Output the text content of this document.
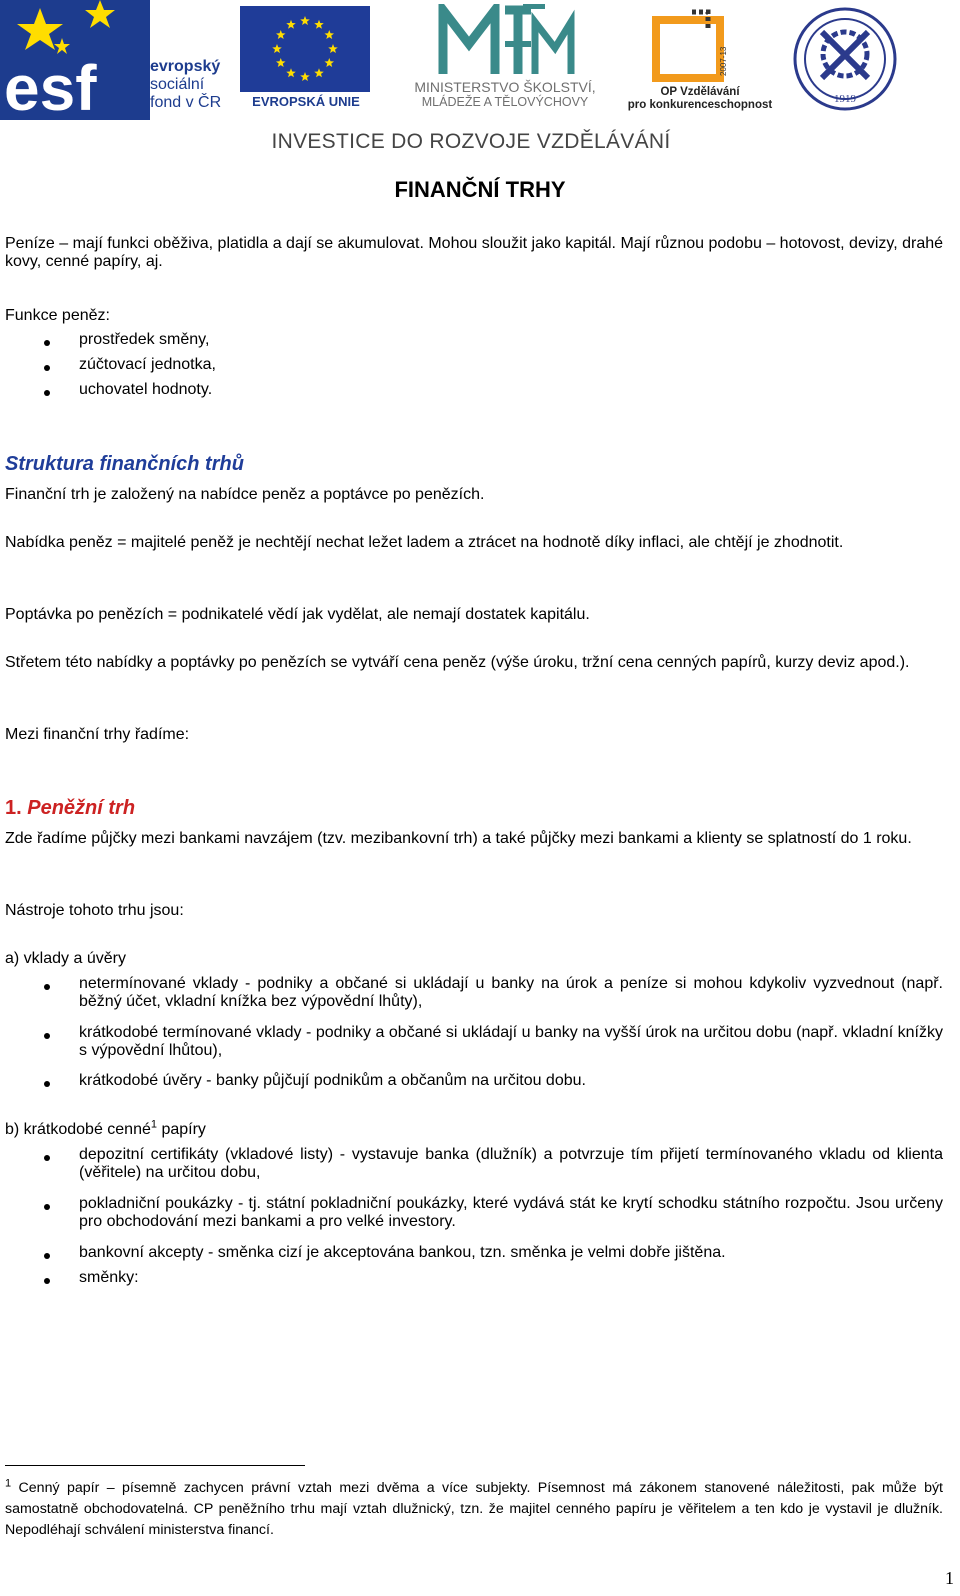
esf	evropský
sociální
fond v ČR	EVROPSKÁ UNIE
MINISTERSTVO ŠKOLSTVÍ,
MLÁDEŽE A TĚLOVÝCHOVY
2007-13
OP Vzdělávání
pro konkurenceschopnost	1919
INVESTICE DO ROZVOJE VZDĚLÁVÁNÍ
FINANČNÍ TRHY
Peníze – mají funkci oběživa, platidla a dají se akumulovat. Mohou sloužit jako kapitál. Mají různou podobu – hotovost, devizy, drahé kovy, cenné papíry, aj.
Funkce peněz:
prostředek směny,
zúčtovací jednotka,
uchovatel hodnoty.
Struktura finančních trhů
Finanční trh je založený na nabídce peněz a poptávce po penězích.
Nabídka peněz = majitelé peněž je nechtějí nechat ležet ladem a ztrácet na hodnotě díky inflaci, ale chtějí je zhodnotit.
Poptávka po penězích = podnikatelé vědí jak vydělat, ale nemají dostatek kapitálu.
Střetem této nabídky a poptávky po penězích se vytváří cena peněz (výše úroku, tržní cena cenných papírů, kurzy deviz apod.).
Mezi finanční trhy řadíme:
1. Peněžní trh
Zde řadíme půjčky mezi bankami navzájem (tzv. mezibankovní trh) a také půjčky mezi bankami a klienty se splatností do 1 roku.
Nástroje tohoto trhu jsou:
a) vklady a úvěry
netermínované vklady - podniky a občané si ukládají u banky na úrok a peníze si mohou kdykoliv vyzvednout (např. běžný účet, vkladní knížka bez výpovědní lhůty),
krátkodobé termínované vklady - podniky a občané si ukládají u banky na vyšší úrok na určitou dobu (např. vkladní knížky s výpovědní lhůtou),
krátkodobé úvěry - banky půjčují podnikům a občanům na určitou dobu.
b) krátkodobé cenné$^1$ papíry
depozitní certifikáty (vkladové listy) - vystavuje banka (dlužník) a potvrzuje tím přijetí termínovaného vkladu od klienta (věřitele) na určitou dobu,
pokladniční poukázky - tj. státní pokladniční poukázky, které vydává stát ke krytí schodku státního rozpočtu. Jsou určeny pro obchodování mezi bankami a pro velké investory.
bankovní akcepty - směnka cizí je akceptována bankou, tzn. směnka je velmi dobře jištěna.
směnky:
$^1$ Cenný papír – písemně zachycen právní vztah mezi dvěma a více subjekty. Písemnost má zákonem stanovené náležitosti, pak může být samostatně obchodovatelná. CP peněžního trhu mají vztah dlužnický, tzn. že majitel cenného papíru je věřitelem a ten kdo je vystavil je dlužník. Nepodléhají schválení ministerstva financí.
1
